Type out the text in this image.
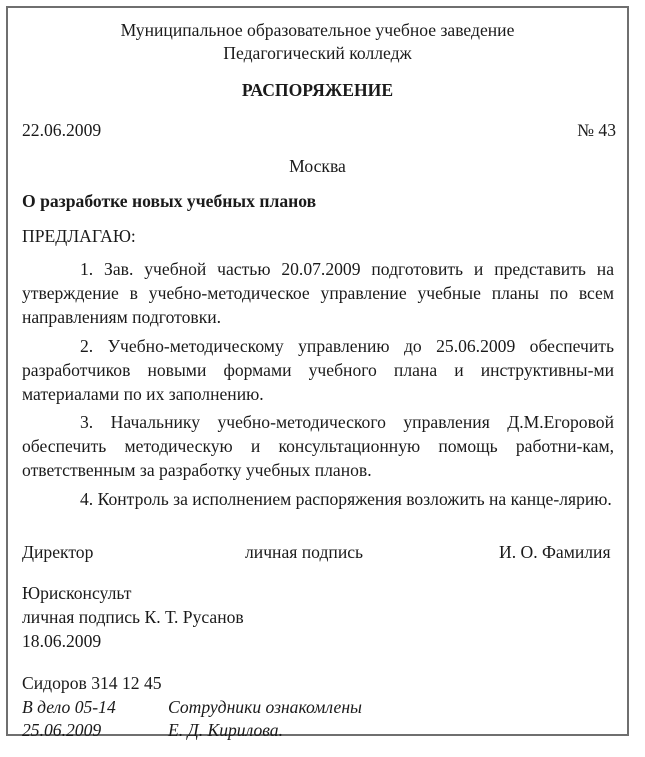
Муниципальное образовательное учебное заведение
Педагогический колледж
РАСПОРЯЖЕНИЕ
22.06.2009	№ 43
Москва
О разработке новых учебных планов
ПРЕДЛАГАЮ:
1. Зав. учебной частью 20.07.2009 подготовить и представить на утверждение в учебно-методическое управление учебные планы по всем направлениям подготовки.
2. Учебно-методическому управлению до 25.06.2009 обеспечить разработчиков новыми формами учебного плана и инструктивны-ми материалами по их заполнению.
3. Начальнику учебно-методического управления Д.М.Егоровой обеспечить методическую и консультационную помощь работни-кам, ответственным за разработку учебных планов.
4. Контроль за исполнением распоряжения возложить на канце-лярию.
Директор	личная подпись	И. О. Фамилия
Юрисконсульт
личная подпись К. Т. Русанов
18.06.2009
Сидоров 314 12 45
В дело 05-14	Сотрудники ознакомлены
25.06.2009	Е. Д. Кирилова.
